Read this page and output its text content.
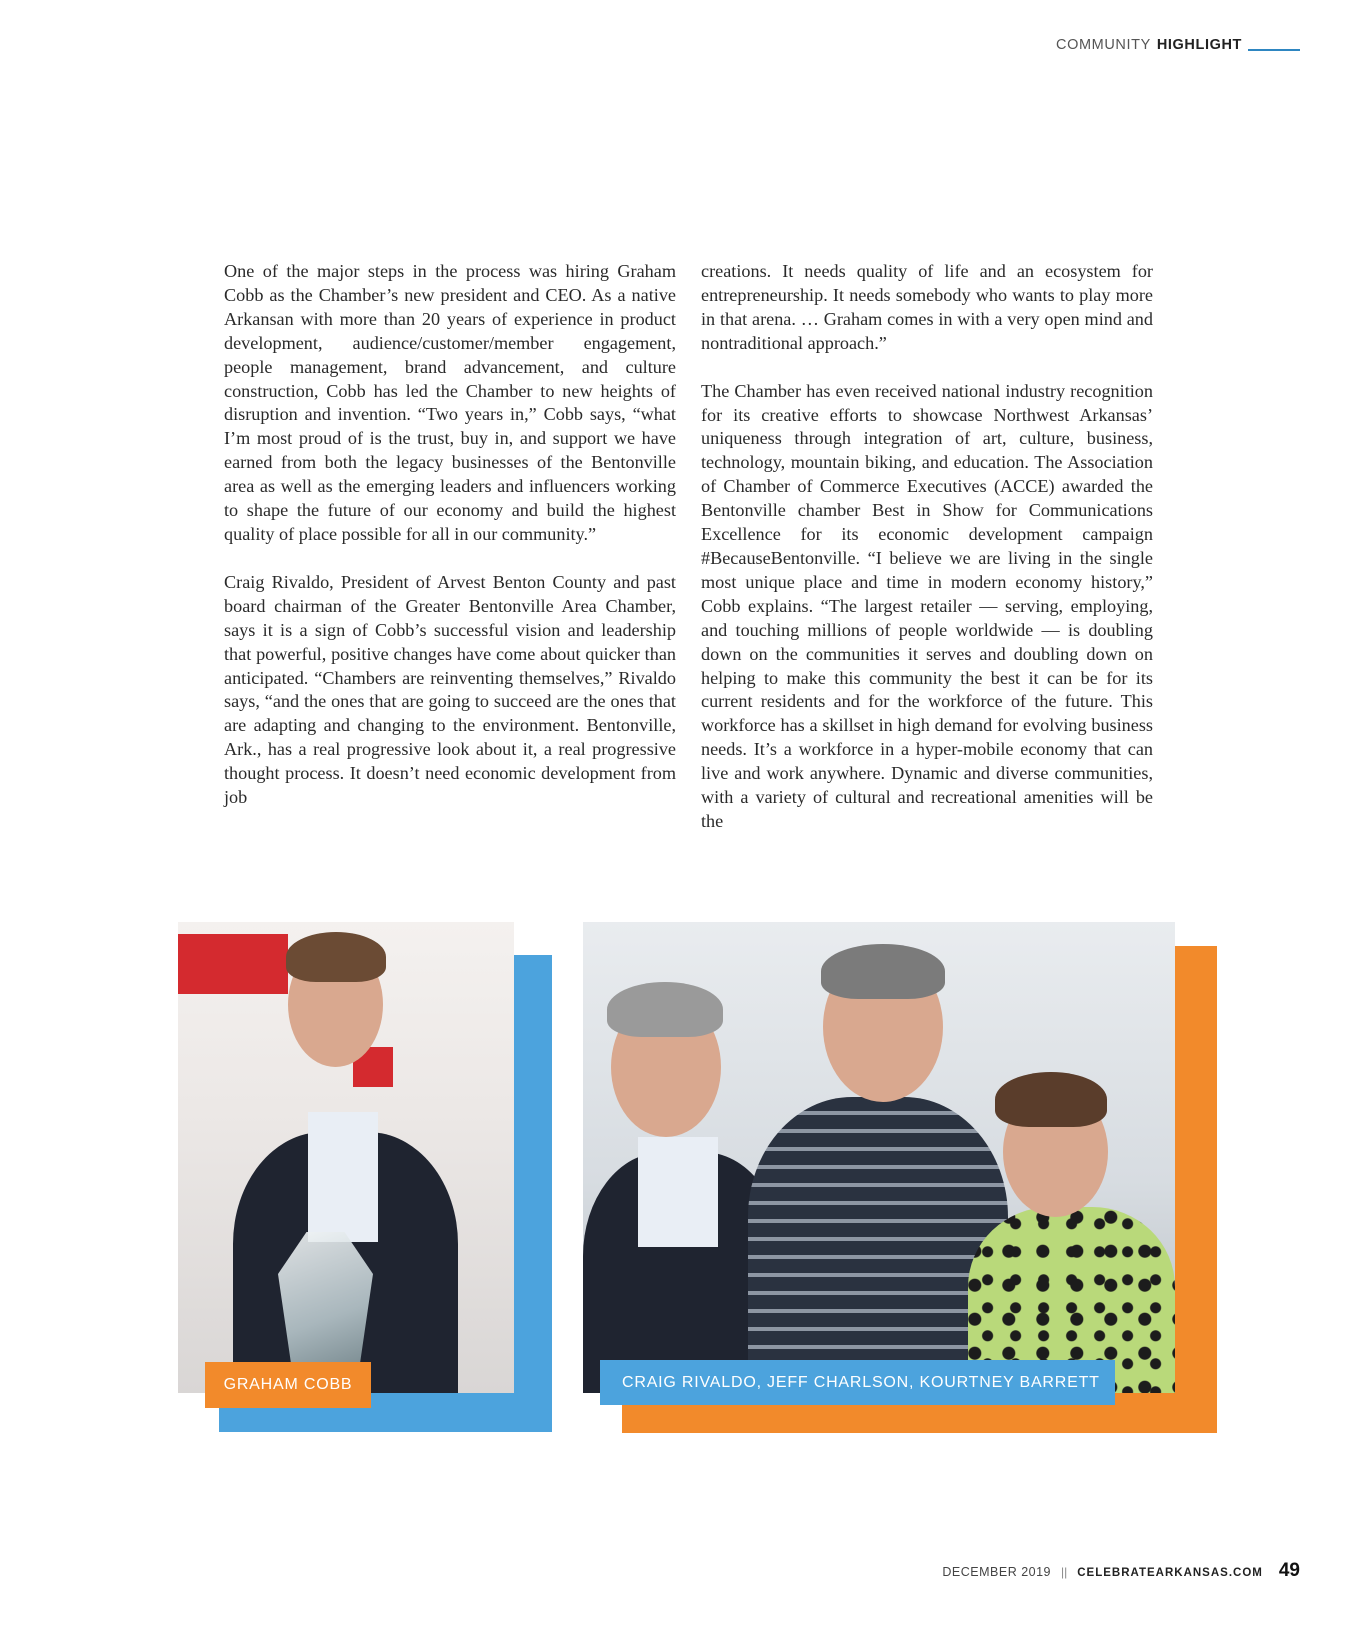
COMMUNITY HIGHLIGHT

One of the major steps in the process was hiring Graham Cobb as the Chamber’s new president and CEO. As a native Arkansan with more than 20 years of experience in product development, audience/customer/member engagement, people management, brand advancement, and culture construction, Cobb has led the Chamber to new heights of disruption and invention. “Two years in,” Cobb says, “what I’m most proud of is the trust, buy in, and support we have earned from both the legacy businesses of the Bentonville area as well as the emerging leaders and influencers working to shape the future of our economy and build the highest quality of place possible for all in our community.”

Craig Rivaldo, President of Arvest Benton County and past board chairman of the Greater Bentonville Area Chamber, says it is a sign of Cobb’s successful vision and leadership that powerful, positive changes have come about quicker than anticipated. “Chambers are reinventing themselves,” Rivaldo says, “and the ones that are going to succeed are the ones that are adapting and changing to the environment. Bentonville, Ark., has a real progressive look about it, a real progressive thought process. It doesn’t need economic development from job

creations. It needs quality of life and an ecosystem for entrepreneurship. It needs somebody who wants to play more in that arena. … Graham comes in with a very open mind and nontraditional approach.”

The Chamber has even received national industry recognition for its creative efforts to showcase Northwest Arkansas’ uniqueness through integration of art, culture, business, technology, mountain biking, and education. The Association of Chamber of Commerce Executives (ACCE) awarded the Bentonville chamber Best in Show for Communications Excellence for its economic development campaign #BecauseBentonville. “I believe we are living in the single most unique place and time in modern economy history,” Cobb explains. “The largest retailer — serving, employing, and touching millions of people worldwide — is doubling down on the communities it serves and doubling down on helping to make this community the best it can be for its current residents and for the workforce of the future. This workforce has a skillset in high demand for evolving business needs. It’s a workforce in a hyper-mobile economy that can live and work anywhere. Dynamic and diverse communities, with a variety of cultural and recreational amenities will be the

GRAHAM COBB	CRAIG RIVALDO, JEFF CHARLSON, KOURTNEY BARRETT
DECEMBER 2019 || CELEBRATEARKANSAS.COM 49
